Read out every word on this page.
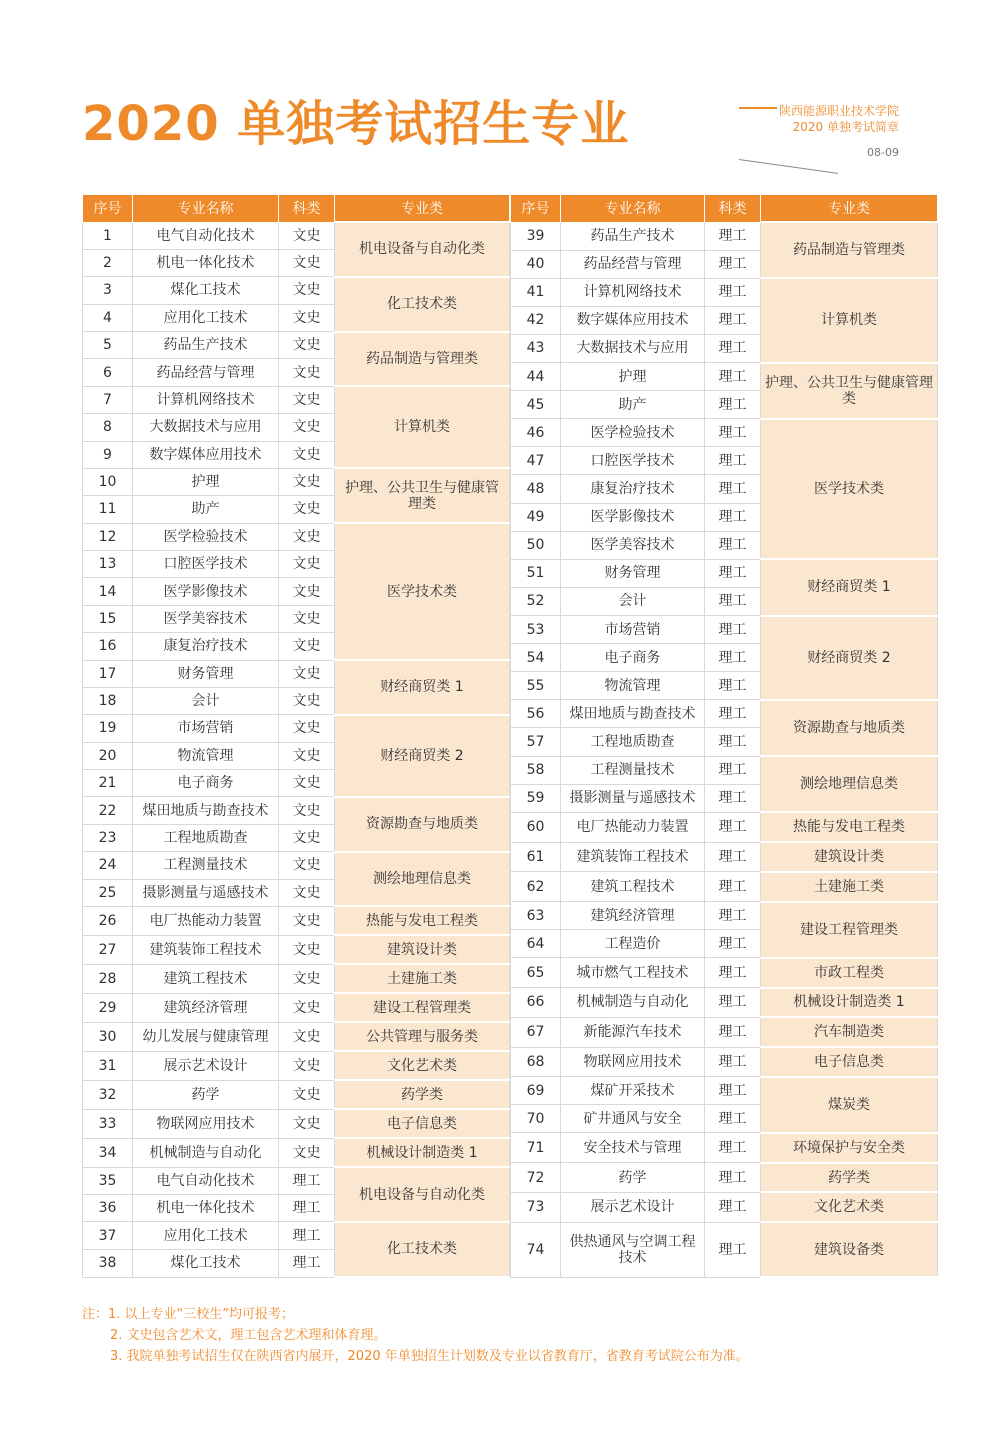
2020 单独考试招生专业	陕西能源职业技术学院
2020 单独考试简章
08-09
序号	专业名称	科类	专业类
1	电气自动化技术	文史	机电设备与自动化类
2	机电一体化技术	文史	
3	煤化工技术	文史	化工技术类
4	应用化工技术	文史	
5	药品生产技术	文史	药品制造与管理类
6	药品经营与管理	文史	
7	计算机网络技术	文史	计算机类
8	大数据技术与应用	文史	
9	数字媒体应用技术	文史	
10	护理	文史	护理、公共卫生与健康管理类
11	助产	文史	
12	医学检验技术	文史	医学技术类
13	口腔医学技术	文史	
14	医学影像技术	文史	
15	医学美容技术	文史	
16	康复治疗技术	文史	
17	财务管理	文史	财经商贸类 1
18	会计	文史	
19	市场营销	文史	财经商贸类 2
20	物流管理	文史	
21	电子商务	文史	
22	煤田地质与勘查技术	文史	资源勘查与地质类
23	工程地质勘查	文史	
24	工程测量技术	文史	测绘地理信息类
25	摄影测量与遥感技术	文史	
26	电厂热能动力装置	文史	热能与发电工程类
27	建筑装饰工程技术	文史	建筑设计类
28	建筑工程技术	文史	土建施工类
29	建筑经济管理	文史	建设工程管理类
30	幼儿发展与健康管理	文史	公共管理与服务类
31	展示艺术设计	文史	文化艺术类
32	药学	文史	药学类
33	物联网应用技术	文史	电子信息类
34	机械制造与自动化	文史	机械设计制造类 1
35	电气自动化技术	理工	机电设备与自动化类
36	机电一体化技术	理工	
37	应用化工技术	理工	化工技术类
38	煤化工技术	理工	
序号	专业名称	科类	专业类
39	药品生产技术	理工	药品制造与管理类
40	药品经营与管理	理工	
41	计算机网络技术	理工	计算机类
42	数字媒体应用技术	理工	
43	大数据技术与应用	理工	
44	护理	理工	护理、公共卫生与健康管理类
45	助产	理工	
46	医学检验技术	理工	医学技术类
47	口腔医学技术	理工	
48	康复治疗技术	理工	
49	医学影像技术	理工	
50	医学美容技术	理工	
51	财务管理	理工	财经商贸类 1
52	会计	理工	
53	市场营销	理工	财经商贸类 2
54	电子商务	理工	
55	物流管理	理工	
56	煤田地质与勘查技术	理工	资源勘查与地质类
57	工程地质勘查	理工	
58	工程测量技术	理工	测绘地理信息类
59	摄影测量与遥感技术	理工	
60	电厂热能动力装置	理工	热能与发电工程类
61	建筑装饰工程技术	理工	建筑设计类
62	建筑工程技术	理工	土建施工类
63	建筑经济管理	理工	建设工程管理类
64	工程造价	理工	
65	城市燃气工程技术	理工	市政工程类
66	机械制造与自动化	理工	机械设计制造类 1
67	新能源汽车技术	理工	汽车制造类
68	物联网应用技术	理工	电子信息类
69	煤矿开采技术	理工	煤炭类
70	矿井通风与安全	理工	
71	安全技术与管理	理工	环境保护与安全类
72	药学	理工	药学类
73	展示艺术设计	理工	文化艺术类
74	供热通风与空调工程技术	理工	建筑设备类
注：1. 以上专业“三校生”均可报考；
2. 文史包含艺术文，理工包含艺术理和体育理。
3. 我院单独考试招生仅在陕西省内展开，2020 年单独招生计划数及专业以省教育厅，省教育考试院公布为准。
